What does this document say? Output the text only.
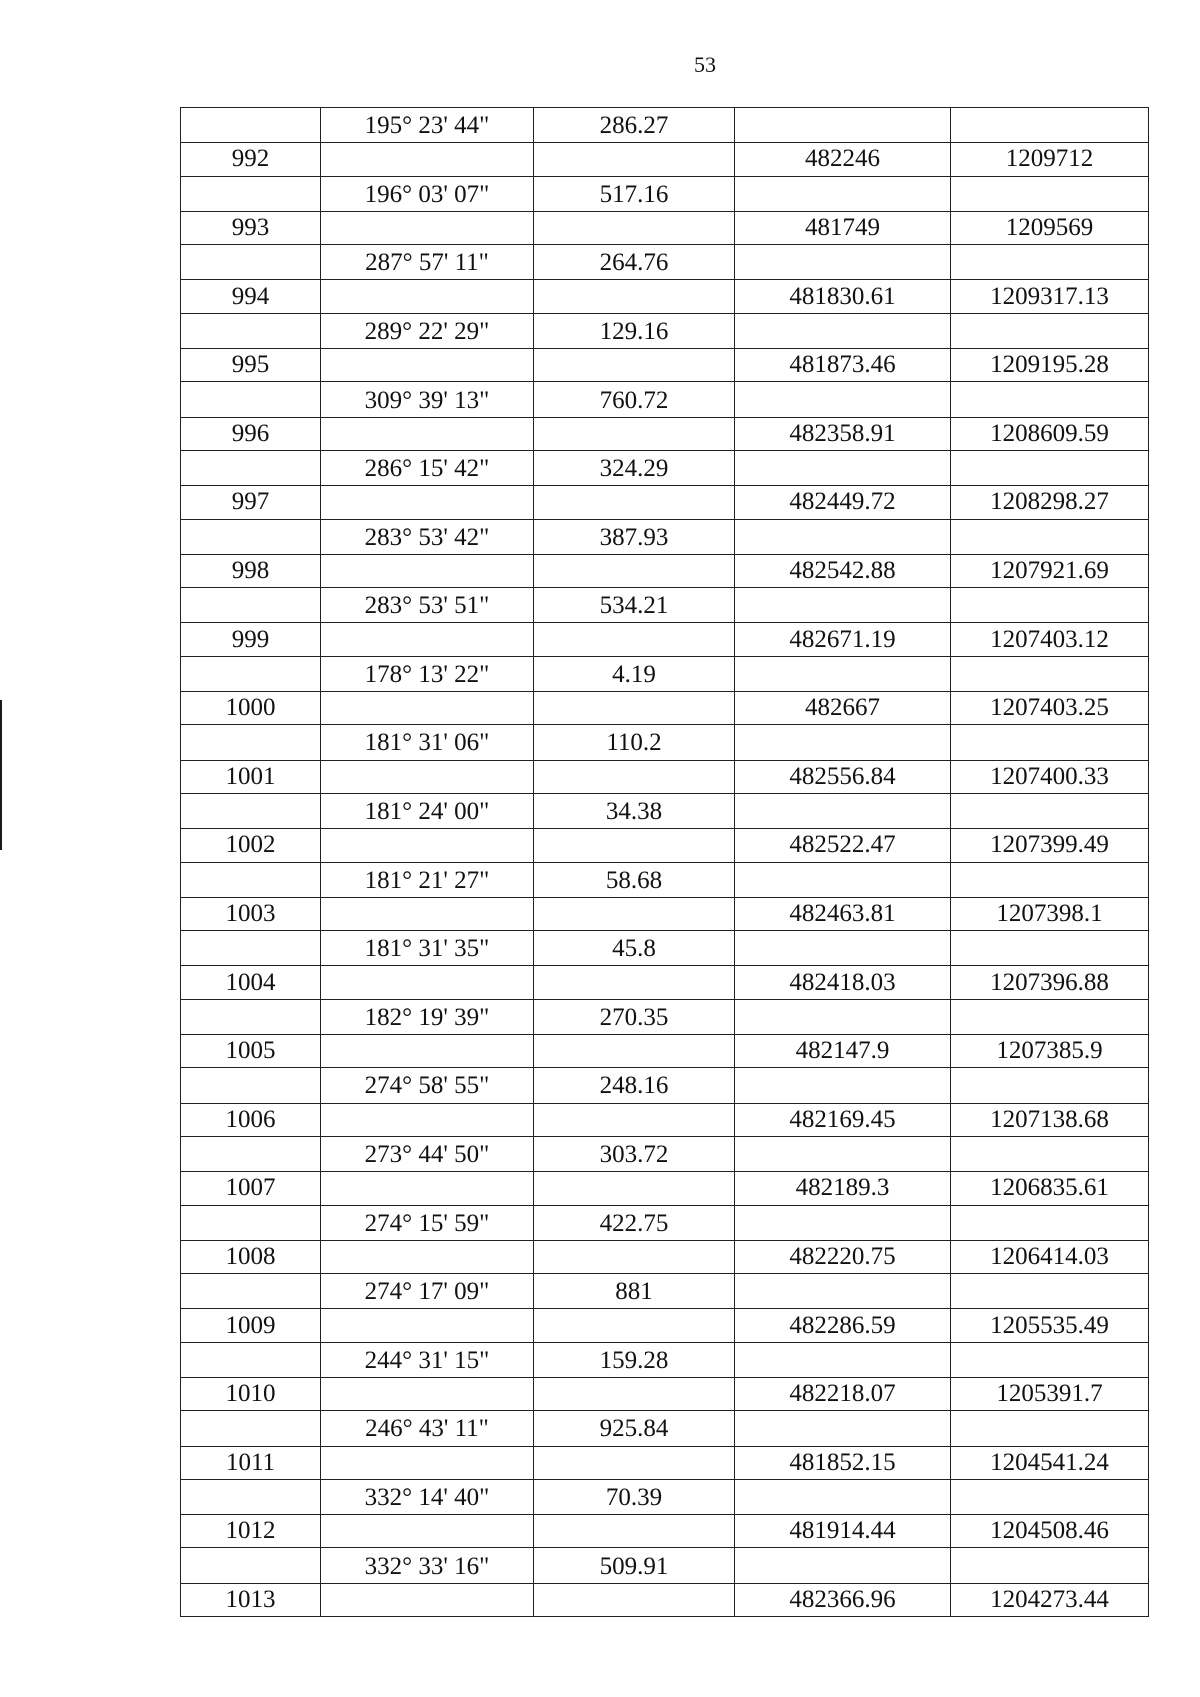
53
	195° 23' 44"	286.27		
992			482246	1209712
	196° 03' 07"	517.16		
993			481749	1209569
	287° 57' 11"	264.76		
994			481830.61	1209317.13
	289° 22' 29"	129.16		
995			481873.46	1209195.28
	309° 39' 13"	760.72		
996			482358.91	1208609.59
	286° 15' 42"	324.29		
997			482449.72	1208298.27
	283° 53' 42"	387.93		
998			482542.88	1207921.69
	283° 53' 51"	534.21		
999			482671.19	1207403.12
	178° 13' 22"	4.19		
1000			482667	1207403.25
	181° 31' 06"	110.2		
1001			482556.84	1207400.33
	181° 24' 00"	34.38		
1002			482522.47	1207399.49
	181° 21' 27"	58.68		
1003			482463.81	1207398.1
	181° 31' 35"	45.8		
1004			482418.03	1207396.88
	182° 19' 39"	270.35		
1005			482147.9	1207385.9
	274° 58' 55"	248.16		
1006			482169.45	1207138.68
	273° 44' 50"	303.72		
1007			482189.3	1206835.61
	274° 15' 59"	422.75		
1008			482220.75	1206414.03
	274° 17' 09"	881		
1009			482286.59	1205535.49
	244° 31' 15"	159.28		
1010			482218.07	1205391.7
	246° 43' 11"	925.84		
1011			481852.15	1204541.24
	332° 14' 40"	70.39		
1012			481914.44	1204508.46
	332° 33' 16"	509.91		
1013			482366.96	1204273.44
